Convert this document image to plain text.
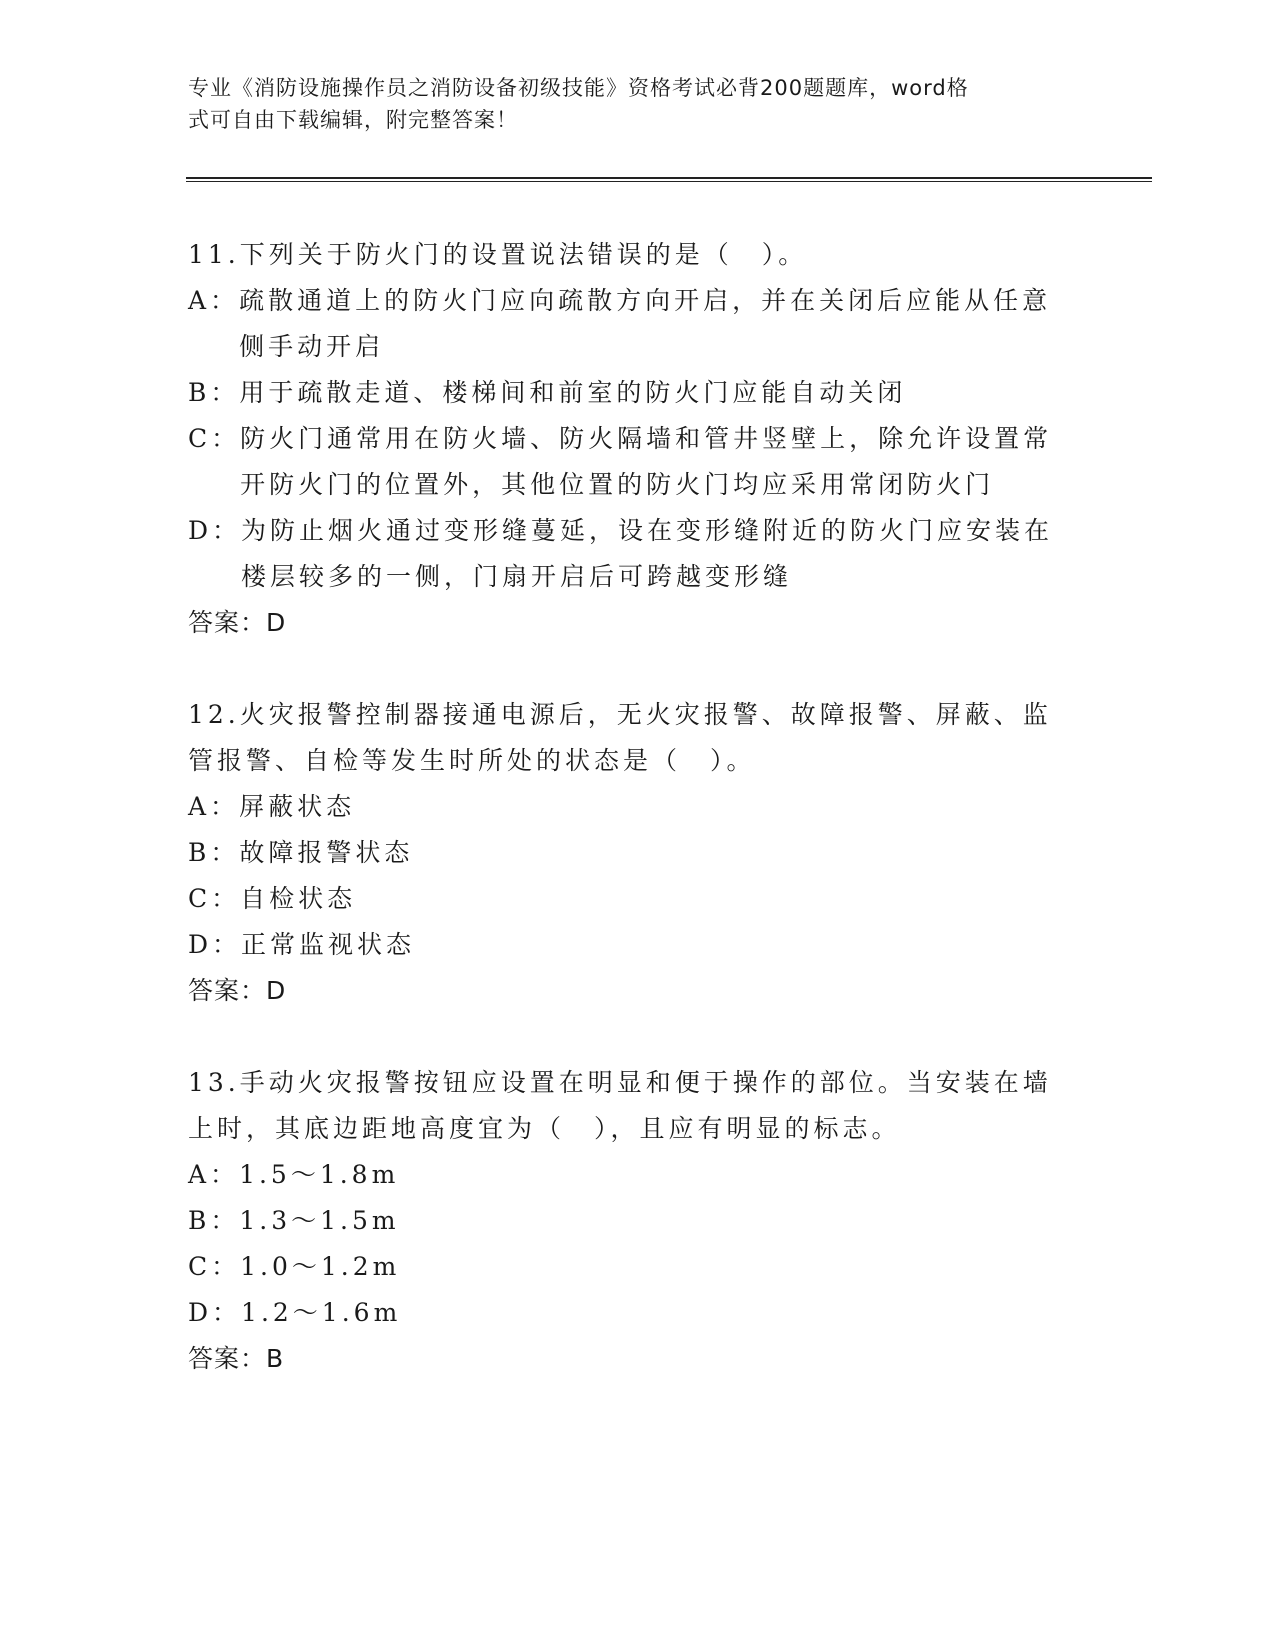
专业《消防设施操作员之消防设备初级技能》资格考试必背200题题库，word格
式可自由下载编辑，附完整答案！
11.下列关于防火门的设置说法错误的是（　）。
A： 疏散通道上的防火门应向疏散方向开启，并在关闭后应能从任意侧手动开启
B： 用于疏散走道、楼梯间和前室的防火门应能自动关闭
C： 防火门通常用在防火墙、防火隔墙和管井竖壁上，除允许设置常开防火门的位置外，其他位置的防火门均应采用常闭防火门
D： 为防止烟火通过变形缝蔓延，设在变形缝附近的防火门应安装在楼层较多的一侧，门扇开启后可跨越变形缝
答案：D
12.火灾报警控制器接通电源后，无火灾报警、故障报警、屏蔽、监管报警、自检等发生时所处的状态是（　）。
A： 屏蔽状态
B： 故障报警状态
C： 自检状态
D： 正常监视状态
答案：D
13.手动火灾报警按钮应设置在明显和便于操作的部位。当安装在墙上时，其底边距地高度宜为（　），且应有明显的标志。
A： 1.5～1.8m
B： 1.3～1.5m
C： 1.0～1.2m
D： 1.2～1.6m
答案：B
